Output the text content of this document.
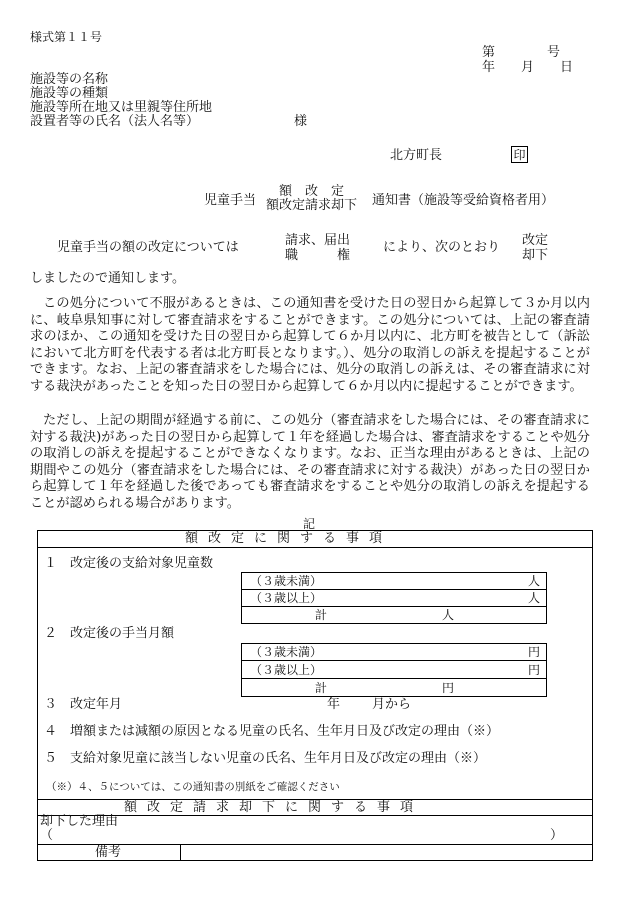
様式第１１号
第　　　　号
年　　月　　日
施設等の名称
施設等の種類
施設等所在地又は里親等住所地
設置者等の氏名（法人名等）	様
北方町長	印
額　改　定
児童手当 額改定請求却下 通知書（施設等受給資格者用）
児童手当の額の改定については	請求、届出
職　　　権
により、次のとおり 改定
却下
しましたので通知します。
この処分について不服があるときは、この通知書を受けた日の翌日から起算して３か月以内に、岐阜県知事に対して審査請求をすることができます。この処分については、上記の審査請求のほか、この通知を受けた日の翌日から起算して６か月以内に、北方町を被告として（訴訟において北方町を代表する者は北方町長となります。）、処分の取消しの訴えを提起することができます。なお、上記の審査請求をした場合には、処分の取消しの訴えは、その審査請求に対する裁決があったことを知った日の翌日から起算して６か月以内に提起することができます。
ただし、上記の期間が経過する前に、この処分（審査請求をした場合には、その審査請求に対する裁決)があった日の翌日から起算して１年を経過した場合は、審査請求をすることや処分の取消しの訴えを提起することができなくなります。なお、正当な理由があるときは、上記の期間やこの処分（審査請求をした場合には、その審査請求に対する裁決）があった日の翌日から起算して１年を経過した後であっても審査請求をすることや処分の取消しの訴えを提起することが認められる場合があります。
記
額改定に関する事項
１　改定後の支給対象児童数
（３歳未満）	人
（３歳以上）	人
計	人
２　改定後の手当月額
（３歳未満）	円
（３歳以上）	円
計	円
３　改定年月	年 月から
４　増額または減額の原因となる児童の氏名、生年月日及び改定の理由（※）
５　支給対象児童に該当しない児童の氏名、生年月日及び改定の理由（※）
（※）４、５については、この通知書の別紙をご確認ください
額改定請求却下に関する事項
却下した理由
（	）
備考
